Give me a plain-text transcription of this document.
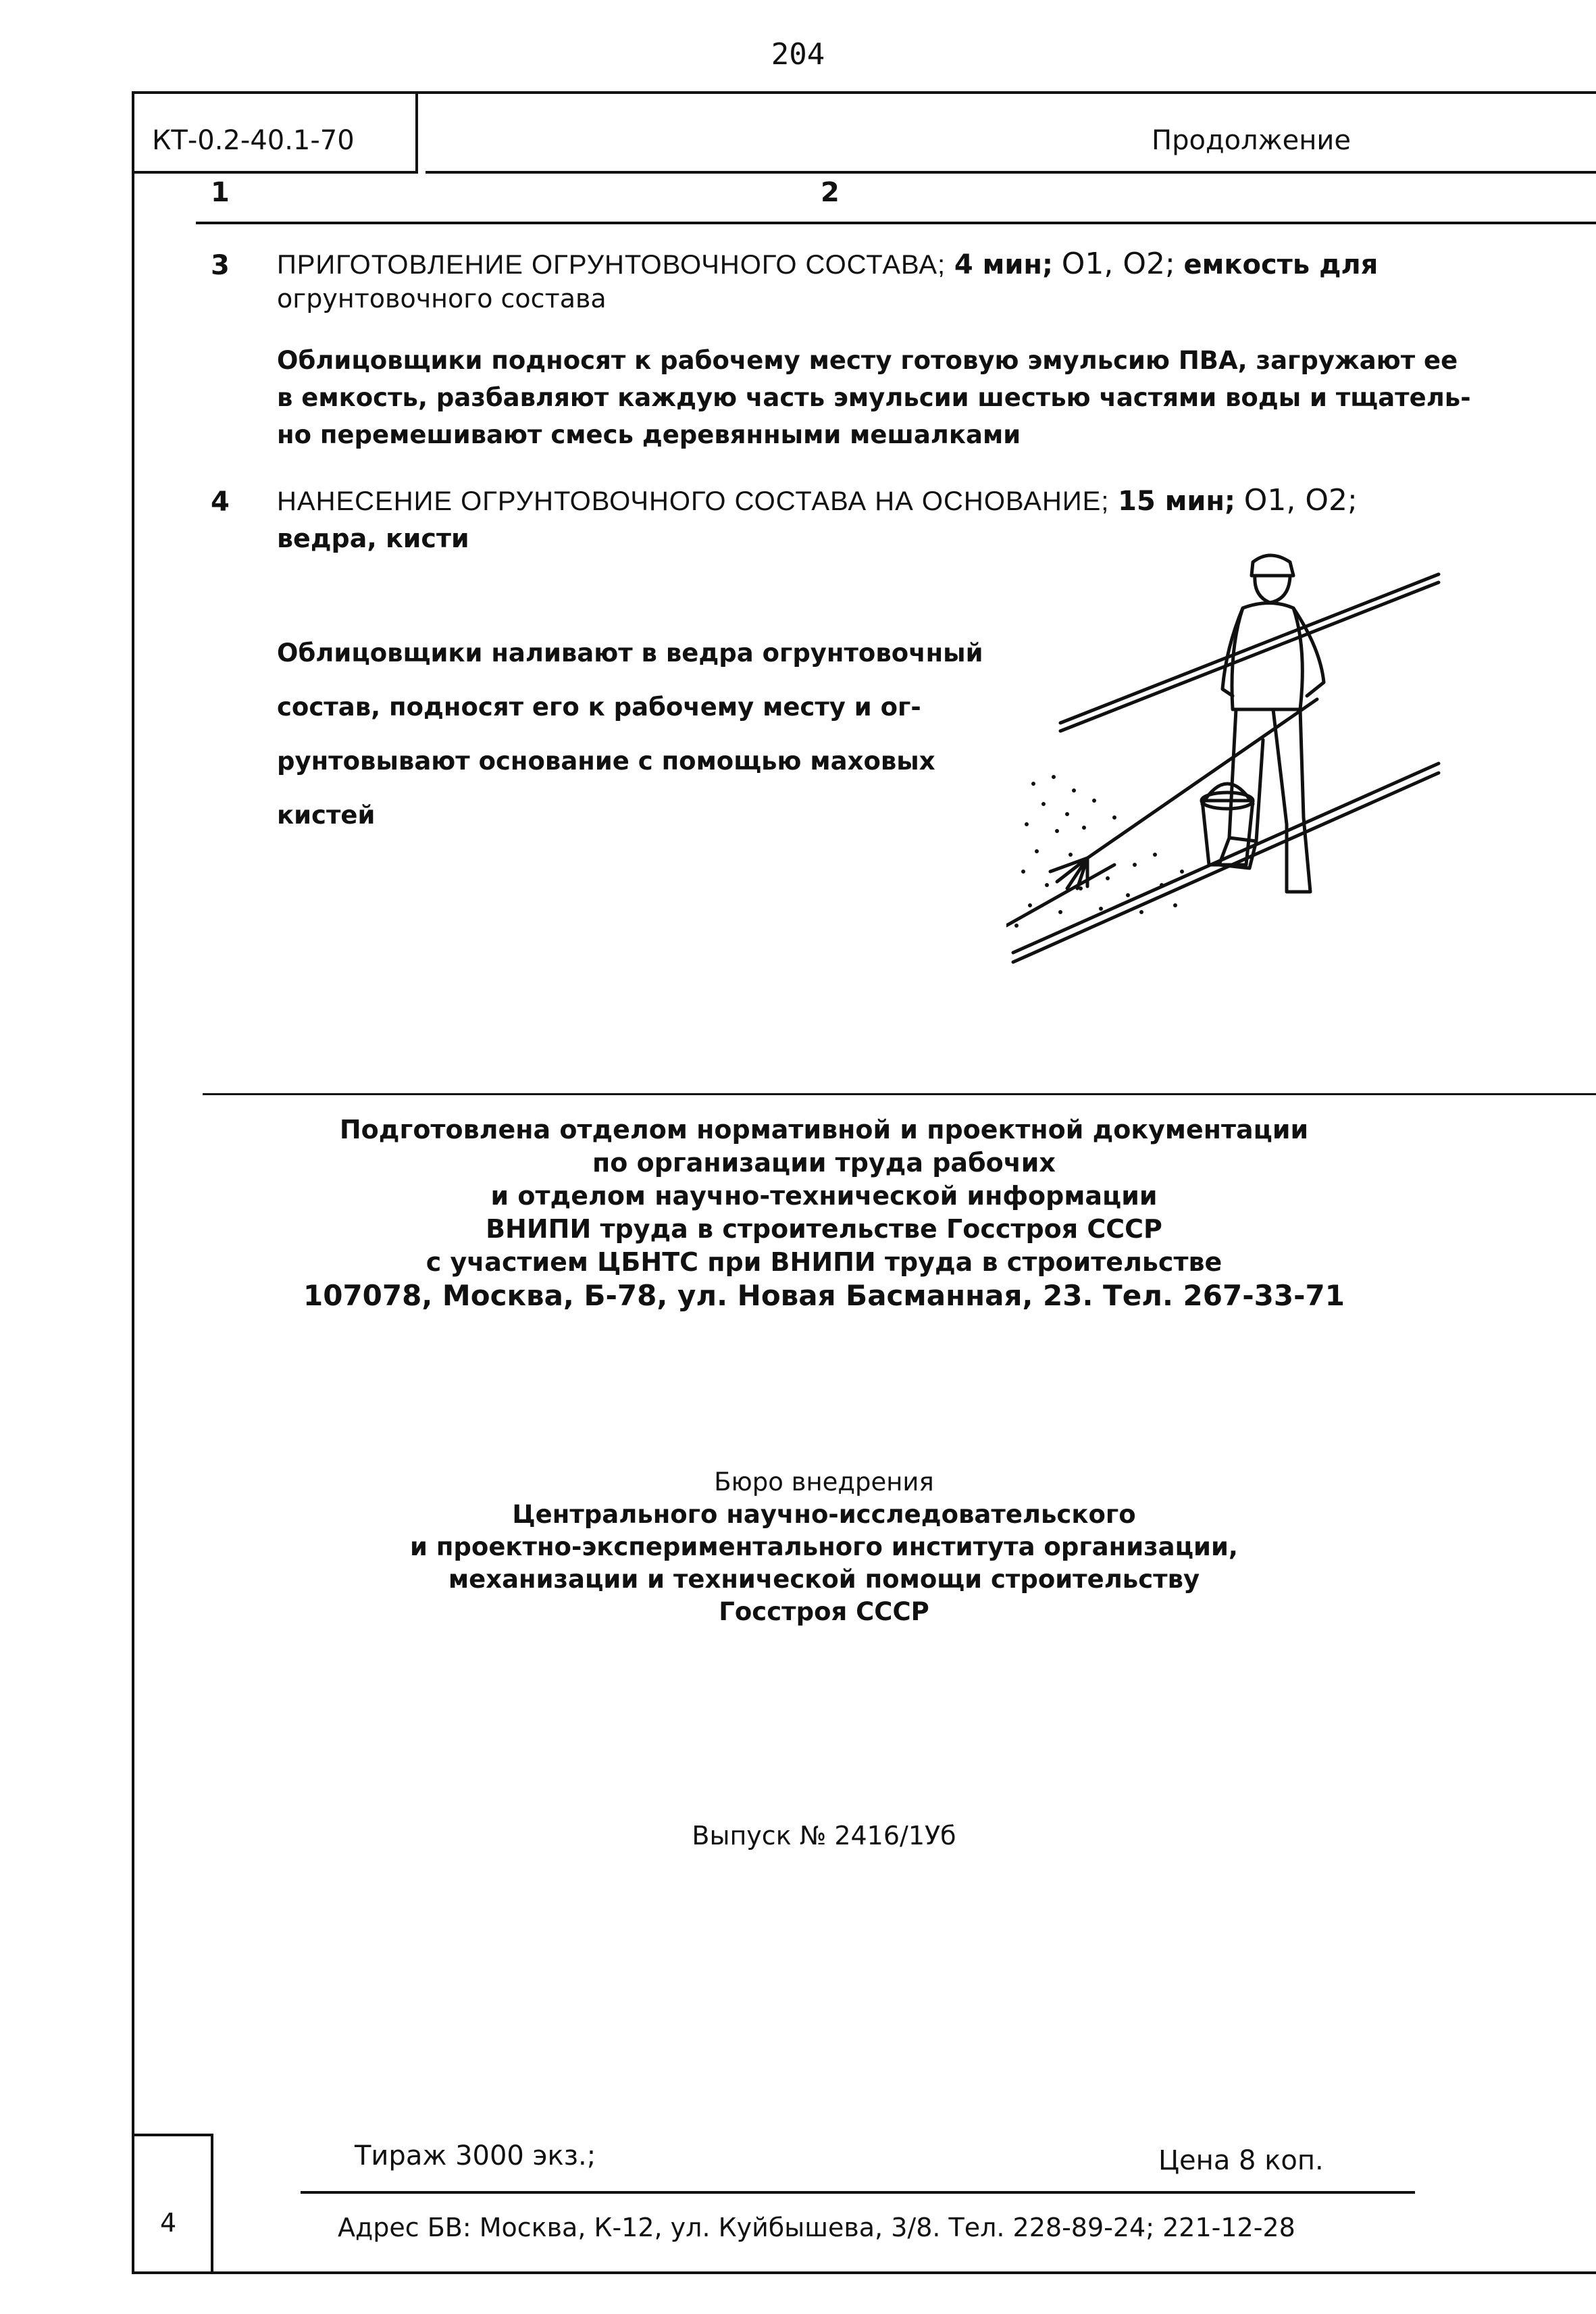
204
КТ-0.2-40.1-70	Продолжение
1	2
3 ПРИГОТОВЛЕНИЕ ОГРУНТОВОЧНОГО СОСТАВА; 4 мин; O1, O2; емкость для
огрунтовочного состава
Облицовщики подносят к рабочему месту готовую эмульсию ПВА, загружают ее
в емкость, разбавляют каждую часть эмульсии шестью частями воды и тщатель-
но перемешивают смесь деревянными мешалками
4 НАНЕСЕНИЕ ОГРУНТОВОЧНОГО СОСТАВА НА ОСНОВАНИЕ; 15 мин; O1, O2;
ведра, кисти
Облицовщики наливают в ведра огрунтовочный
состав, подносят его к рабочему месту и ог-
рунтовывают основание с помощью маховых
кистей
Подготовлена отделом нормативной и проектной документации
по организации труда рабочих
и отделом научно-технической информации
ВНИПИ труда в строительстве Госстроя СССР
с участием ЦБНТС при ВНИПИ труда в строительстве
107078, Москва, Б-78, ул. Новая Басманная, 23. Тел. 267-33-71
Бюро внедрения
Центрального научно-исследовательского
и проектно-экспериментального института организации,
механизации и технической помощи строительству
Госстроя СССР
Выпуск № 2416/1Уб
Тираж 3000 экз.;	Цена 8 коп.
4	Адрес БВ: Москва, К-12, ул. Куйбышева, 3/8. Тел. 228-89-24; 221-12-28
